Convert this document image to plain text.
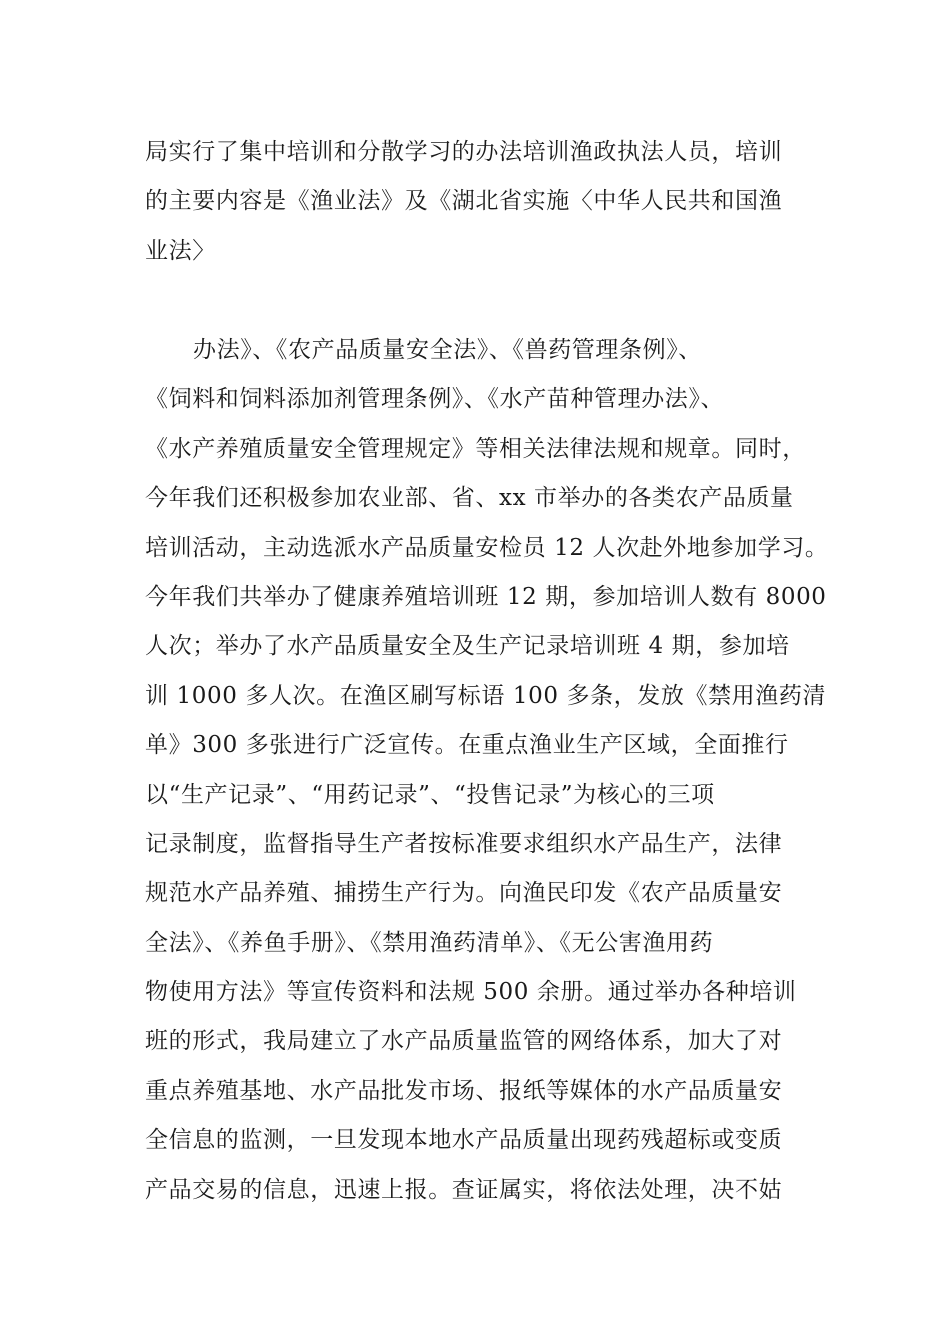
局实行了集中培训和分散学习的办法培训渔政执法人员，培训
的主要内容是《渔业法》及《湖北省实施〈中华人民共和国渔
业法〉
办法》、《农产品质量安全法》、《兽药管理条例》、
《饲料和饲料添加剂管理条例》、《水产苗种管理办法》、
《水产养殖质量安全管理规定》等相关法律法规和规章。同时，
今年我们还积极参加农业部、省、xx 市举办的各类农产品质量
培训活动，主动选派水产品质量安检员 12 人次赴外地参加学习。
今年我们共举办了健康养殖培训班 12 期，参加培训人数有 8000
人次；举办了水产品质量安全及生产记录培训班 4 期，参加培
训 1000 多人次。在渔区刷写标语 100 多条，发放《禁用渔药清
单》300 多张进行广泛宣传。在重点渔业生产区域，全面推行
以“生产记录”、“用药记录”、“投售记录”为核心的三项
记录制度，监督指导生产者按标准要求组织水产品生产，法律
规范水产品养殖、捕捞生产行为。向渔民印发《农产品质量安
全法》、《养鱼手册》、《禁用渔药清单》、《无公害渔用药
物使用方法》等宣传资料和法规 500 余册。通过举办各种培训
班的形式，我局建立了水产品质量监管的网络体系，加大了对
重点养殖基地、水产品批发市场、报纸等媒体的水产品质量安
全信息的监测，一旦发现本地水产品质量出现药残超标或变质
产品交易的信息，迅速上报。查证属实，将依法处理，决不姑
